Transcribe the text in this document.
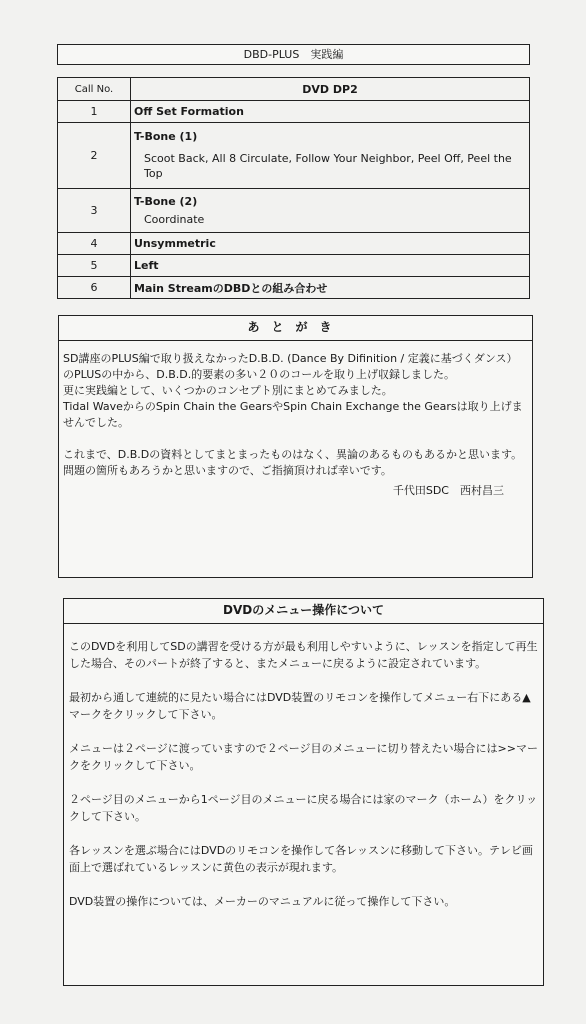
DBD-PLUS　実践編
Call No.	DVD DP2
1	Off Set Formation

2	T-Bone (1)
Scoot Back, All 8 Circulate, Follow Your Neighbor, Peel Off, Peel the Top

3	T-Bone (2)
Coordinate

4	Unsymmetric

5	Left

6	Main StreamのDBDとの組み合わせ
あとがき

SD講座のPLUS編で取り扱えなかったD.B.D. (Dance By Difinition / 定義に基づくダンス）のPLUSの中から、D.B.D.的要素の多い２０のコールを取り上げ収録しました。

更に実践編として、いくつかのコンセプト別にまとめてみました。

Tidal WaveからのSpin Chain the GearsやSpin Chain Exchange the Gearsは取り上げませんでした。

これまで、D.B.Dの資料としてまとまったものはなく、異論のあるものもあるかと思います。問題の箇所もあろうかと思いますので、ご指摘頂ければ幸いです。

千代田SDC　西村昌三

DVDのメニュー操作について

このDVDを利用してSDの講習を受ける方が最も利用しやすいように、レッスンを指定して再生した場合、そのパートが終了すると、またメニューに戻るように設定されています。

最初から通して連続的に見たい場合にはDVD装置のリモコンを操作してメニュー右下にある▲マークをクリックして下さい。

メニューは２ページに渡っていますので２ページ目のメニューに切り替えたい場合には>>マークをクリックして下さい。

２ページ目のメニューから1ページ目のメニューに戻る場合には家のマーク（ホーム）をクリックして下さい。

各レッスンを選ぶ場合にはDVDのリモコンを操作して各レッスンに移動して下さい。テレビ画面上で選ばれているレッスンに黄色の表示が現れます。

DVD装置の操作については、メーカーのマニュアルに従って操作して下さい。
